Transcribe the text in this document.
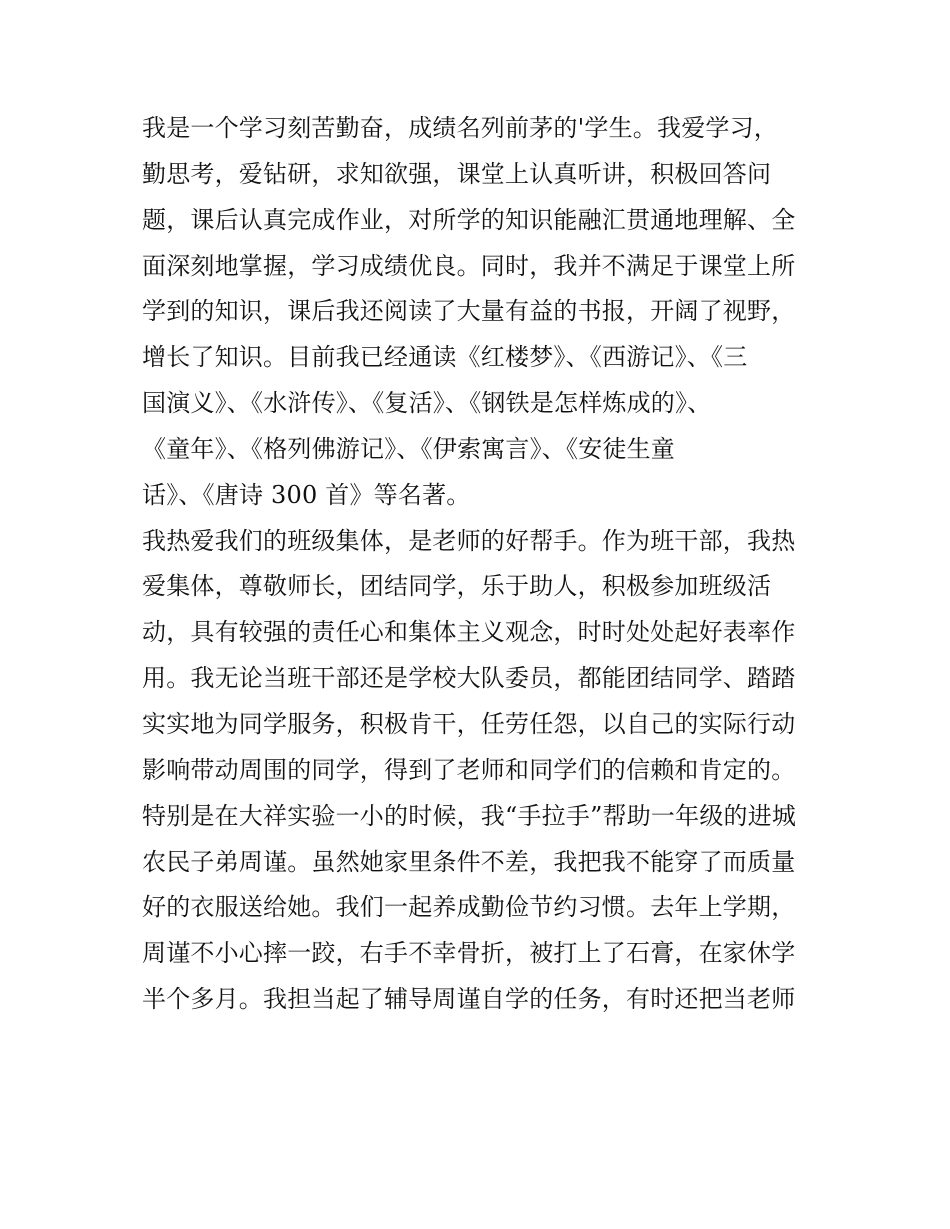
我是一个学习刻苦勤奋，成绩名列前茅的'学生。我爱学习，
勤思考，爱钻研，求知欲强，课堂上认真听讲，积极回答问
题，课后认真完成作业，对所学的知识能融汇贯通地理解、全
面深刻地掌握，学习成绩优良。同时，我并不满足于课堂上所
学到的知识，课后我还阅读了大量有益的书报，开阔了视野，
增长了知识。目前我已经通读《红楼梦》、《西游记》、《三
国演义》、《水浒传》、《复活》、《钢铁是怎样炼成的》、
《童年》、《格列佛游记》、《伊索寓言》、《安徒生童
话》、《唐诗 300 首》等名著。
我热爱我们的班级集体，是老师的好帮手。作为班干部，我热
爱集体，尊敬师长，团结同学，乐于助人，积极参加班级活
动，具有较强的责任心和集体主义观念，时时处处起好表率作
用。我无论当班干部还是学校大队委员，都能团结同学、踏踏
实实地为同学服务，积极肯干，任劳任怨，以自己的实际行动
影响带动周围的同学，得到了老师和同学们的信赖和肯定的。
特别是在大祥实验一小的时候，我“手拉手”帮助一年级的进城
农民子弟周谨。虽然她家里条件不差，我把我不能穿了而质量
好的衣服送给她。我们一起养成勤俭节约习惯。去年上学期，
周谨不小心摔一跤，右手不幸骨折，被打上了石膏，在家休学
半个多月。我担当起了辅导周谨自学的任务，有时还把当老师
